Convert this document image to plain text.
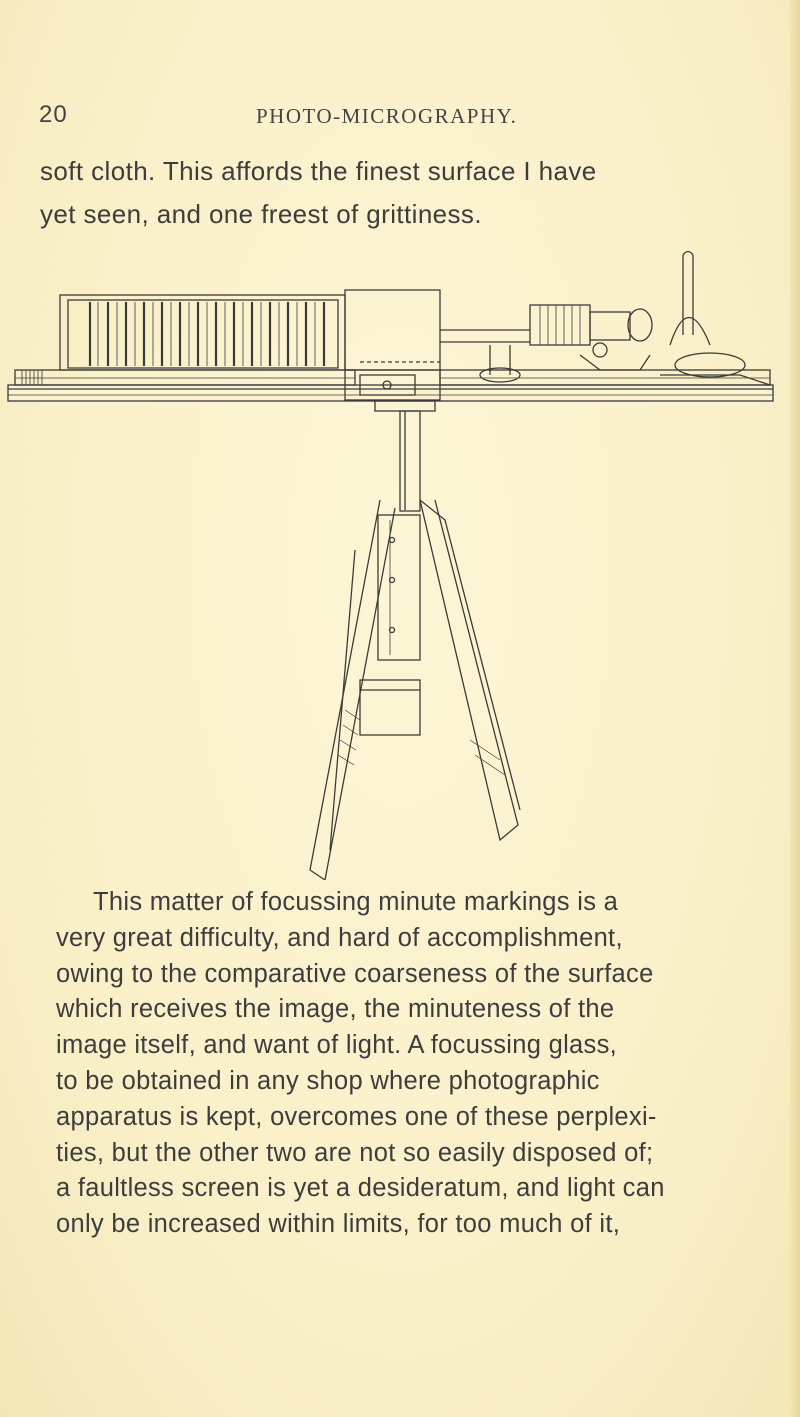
20	PHOTO-MICROGRAPHY.
soft cloth. This affords the finest surface I have
yet seen, and one freest of grittiness.
This matter of focussing minute markings is a
very great difficulty, and hard of accomplishment,
owing to the comparative coarseness of the surface
which receives the image, the minuteness of the
image itself, and want of light. A focussing glass,
to be obtained in any shop where photographic
apparatus is kept, overcomes one of these perplexi-
ties, but the other two are not so easily disposed of;
a faultless screen is yet a desideratum, and light can
only be increased within limits, for too much of it,
